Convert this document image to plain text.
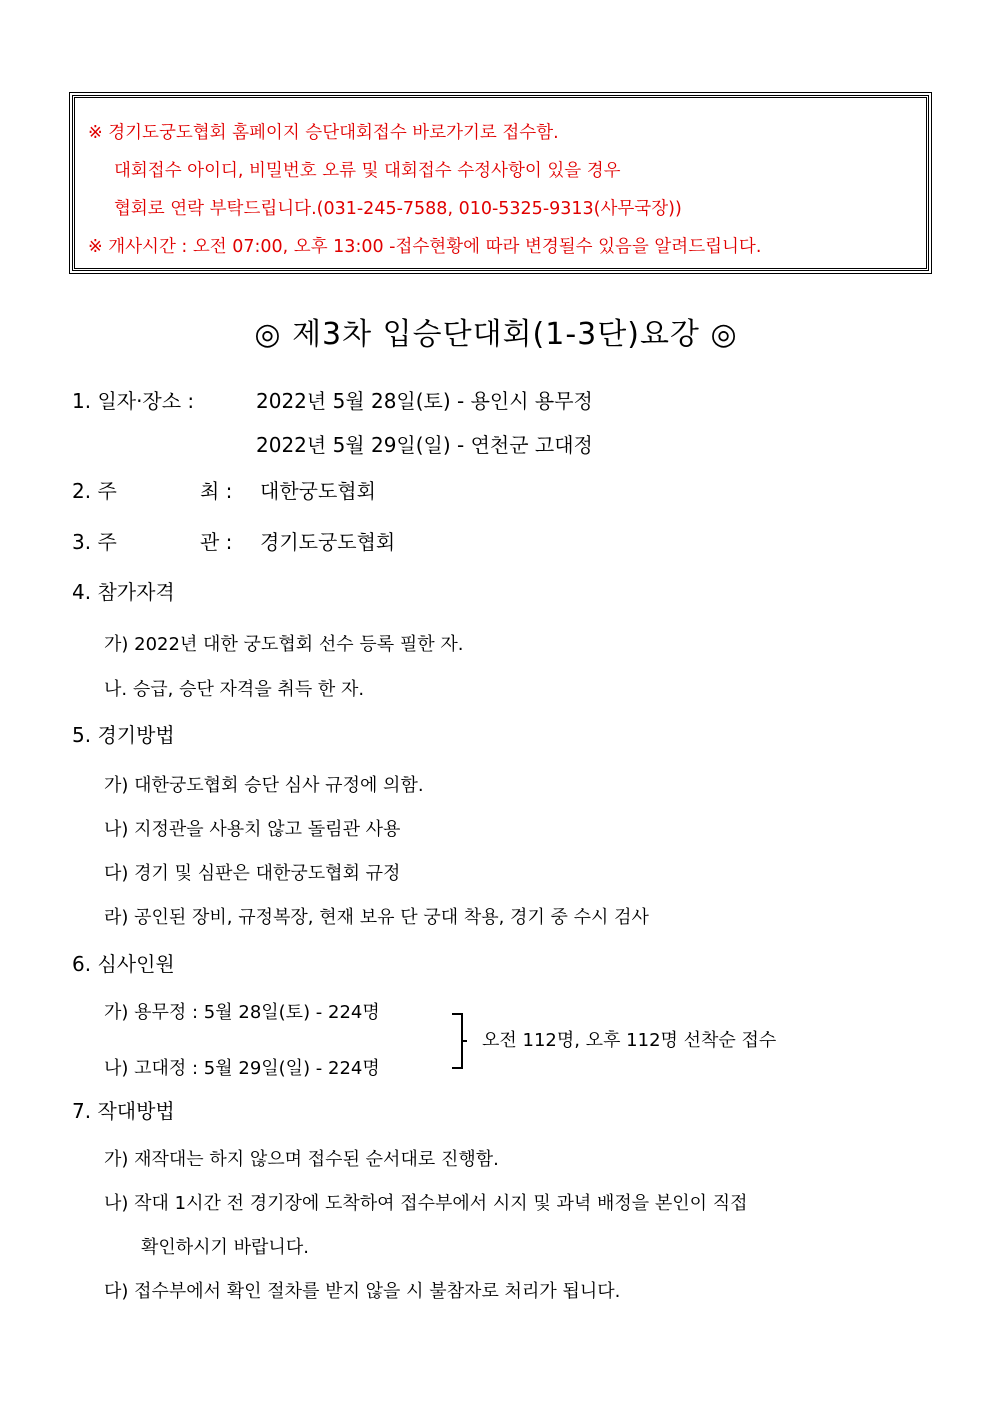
※ 경기도궁도협회 홈페이지 승단대회접수 바로가기로 접수함.
대회접수 아이디, 비밀번호 오류 및 대회접수 수정사항이 있을 경우
협회로 연락 부탁드립니다.(031-245-7588, 010-5325-9313(사무국장))
※ 개사시간 : 오전 07:00, 오후 13:00 -접수현황에 따라 변경될수 있음을 알려드립니다.
◎ 제3차 입승단대회(1-3단)요강 ◎
1. 일자·장소 :	2022년 5월 28일(토) - 용인시 용무정
2022년 5월 29일(일) - 연천군 고대정
2. 주	최 : 대한궁도협회
3. 주	관 : 경기도궁도협회
4. 참가자격
가) 2022년 대한 궁도협회 선수 등록 필한 자.
나. 승급, 승단 자격을 취득 한 자.
5. 경기방법
가) 대한궁도협회 승단 심사 규정에 의함.
나) 지정관을 사용치 않고 돌림관 사용
다) 경기 및 심판은 대한궁도협회 규정
라) 공인된 장비, 규정복장, 현재 보유 단 궁대 착용, 경기 중 수시 검사
6. 심사인원
가) 용무정 : 5월 28일(토) - 224명
나) 고대정 : 5월 29일(일) - 224명
오전 112명, 오후 112명 선착순 접수
7. 작대방법
가) 재작대는 하지 않으며 접수된 순서대로 진행함.
나) 작대 1시간 전 경기장에 도착하여 접수부에서 시지 및 과녁 배정을 본인이 직접
확인하시기 바랍니다.
다) 접수부에서 확인 절차를 받지 않을 시 불참자로 처리가 됩니다.
